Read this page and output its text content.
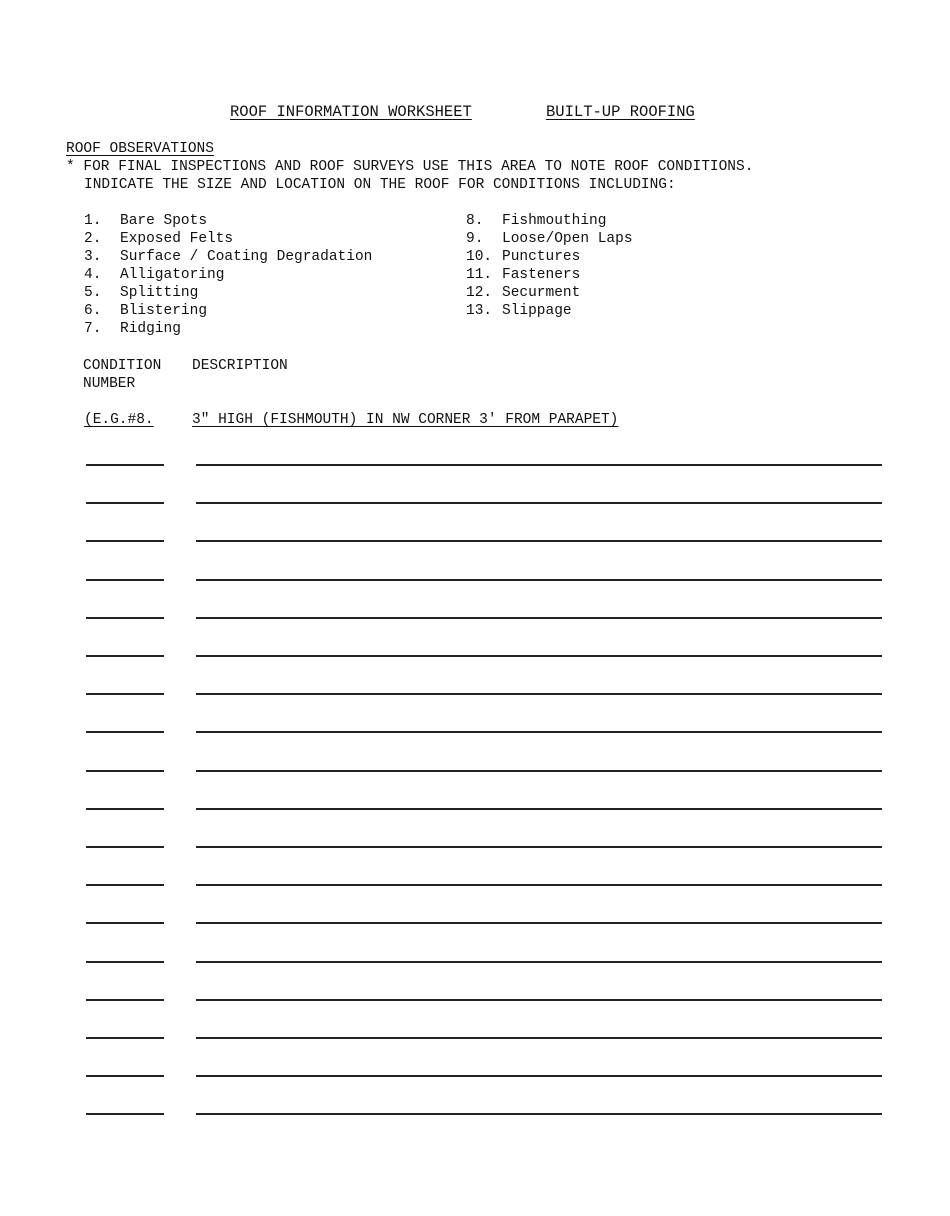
ROOF INFORMATION WORKSHEET	BUILT-UP ROOFING
ROOF OBSERVATIONS
* FOR FINAL INSPECTIONS AND ROOF SURVEYS USE THIS AREA TO NOTE ROOF CONDITIONS.
INDICATE THE SIZE AND LOCATION ON THE ROOF FOR CONDITIONS INCLUDING:
1. Bare Spots
2. Exposed Felts
3. Surface / Coating Degradation
4. Alligatoring
5. Splitting
6. Blistering
7. Ridging
8. Fishmouthing
9. Loose/Open Laps
10. Punctures
11. Fasteners
12. Securment
13. Slippage
CONDITION NUMBER
DESCRIPTION
(E.G.#8.	3" HIGH (FISHMOUTH) IN NW CORNER 3' FROM PARAPET)
